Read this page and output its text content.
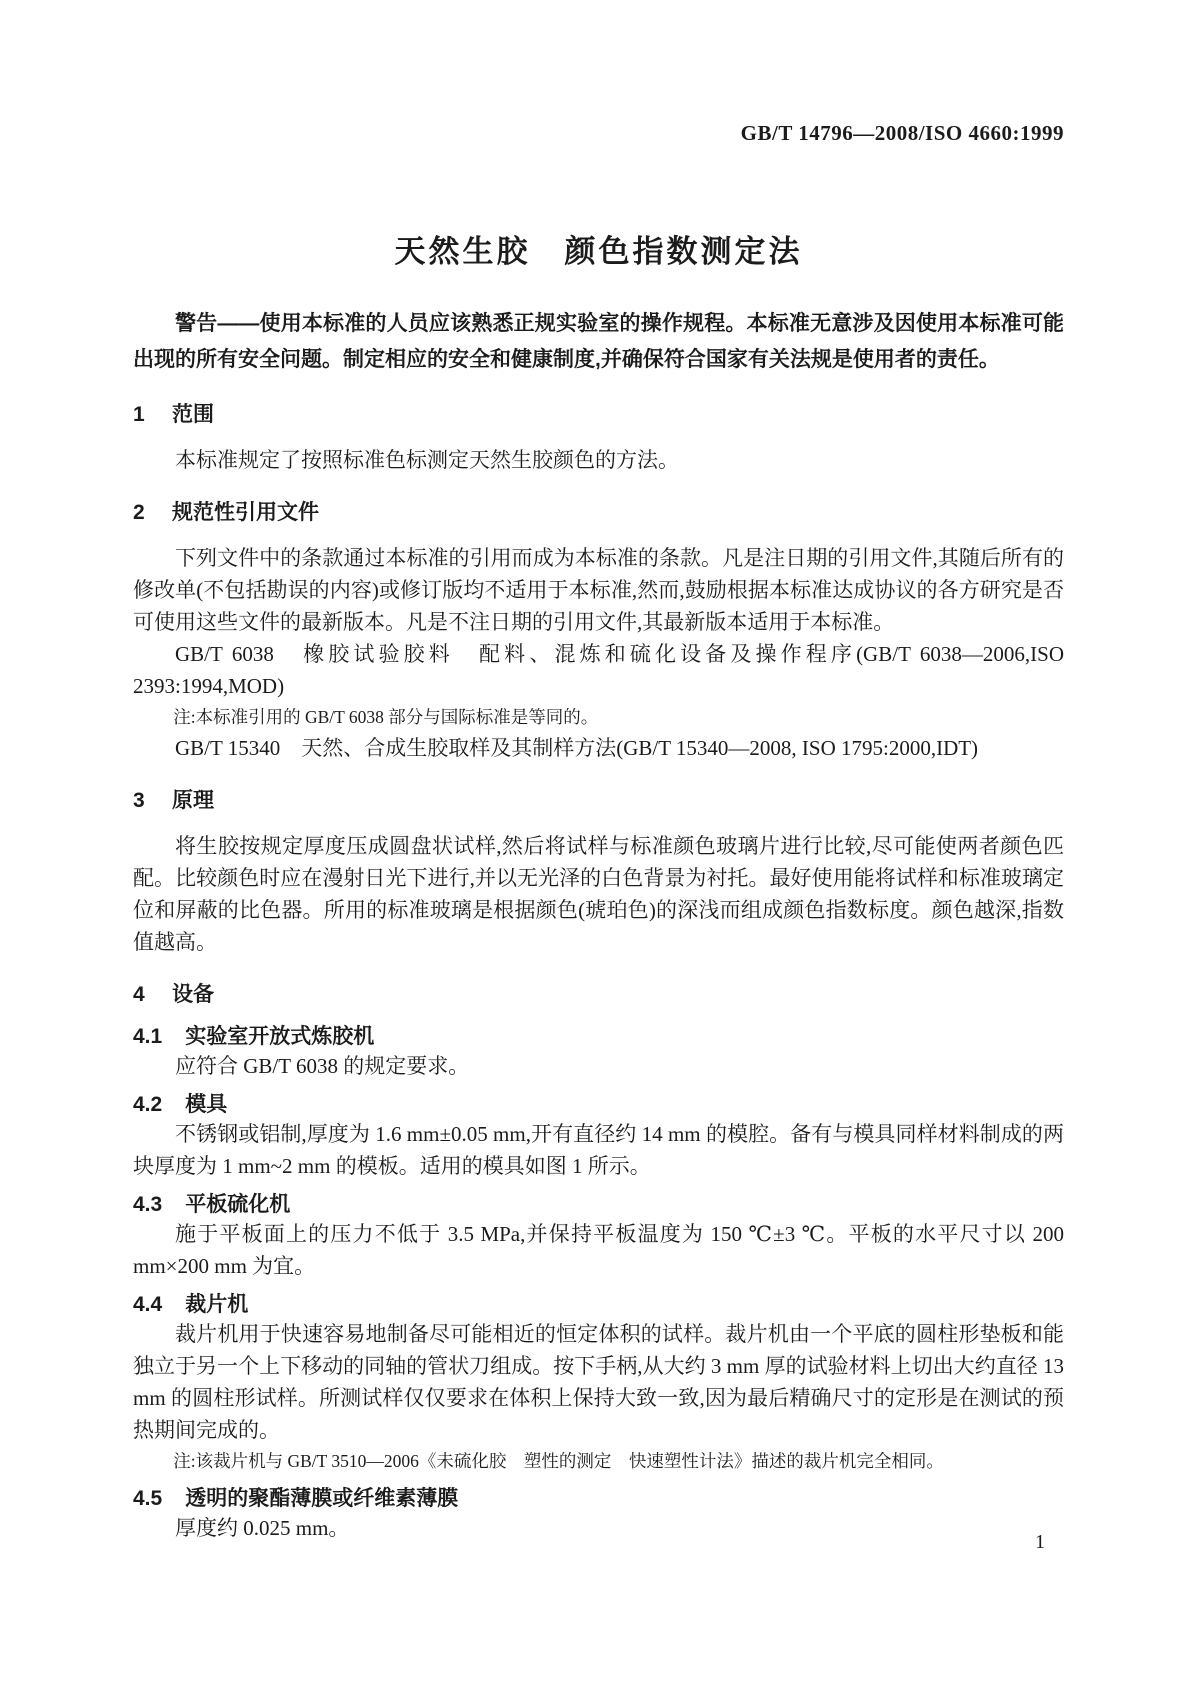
GB/T 14796—2008/ISO 4660:1999
天然生胶　颜色指数测定法

警告——使用本标准的人员应该熟悉正规实验室的操作规程。本标准无意涉及因使用本标准可能出现的所有安全问题。制定相应的安全和健康制度,并确保符合国家有关法规是使用者的责任。

1 范围

本标准规定了按照标准色标测定天然生胶颜色的方法。

2 规范性引用文件

下列文件中的条款通过本标准的引用而成为本标准的条款。凡是注日期的引用文件,其随后所有的修改单(不包括勘误的内容)或修订版均不适用于本标准,然而,鼓励根据本标准达成协议的各方研究是否可使用这些文件的最新版本。凡是不注日期的引用文件,其最新版本适用于本标准。

GB/T 6038　橡胶试验胶料　配料、混炼和硫化设备及操作程序(GB/T 6038—2006,ISO 2393:1994,MOD)

注:本标准引用的 GB/T 6038 部分与国际标准是等同的。

GB/T 15340　天然、合成生胶取样及其制样方法(GB/T 15340—2008, ISO 1795:2000,IDT)

3 原理

将生胶按规定厚度压成圆盘状试样,然后将试样与标准颜色玻璃片进行比较,尽可能使两者颜色匹配。比较颜色时应在漫射日光下进行,并以无光泽的白色背景为衬托。最好使用能将试样和标准玻璃定位和屏蔽的比色器。所用的标准玻璃是根据颜色(琥珀色)的深浅而组成颜色指数标度。颜色越深,指数值越高。

4 设备
4.1 实验室开放式炼胶机

应符合 GB/T 6038 的规定要求。

4.2 模具

不锈钢或铝制,厚度为 1.6 mm±0.05 mm,开有直径约 14 mm 的模腔。备有与模具同样材料制成的两块厚度为 1 mm~2 mm 的模板。适用的模具如图 1 所示。

4.3 平板硫化机

施于平板面上的压力不低于 3.5 MPa,并保持平板温度为 150 ℃±3 ℃。平板的水平尺寸以 200 mm×200 mm 为宜。

4.4 裁片机

裁片机用于快速容易地制备尽可能相近的恒定体积的试样。裁片机由一个平底的圆柱形垫板和能独立于另一个上下移动的同轴的管状刀组成。按下手柄,从大约 3 mm 厚的试验材料上切出大约直径 13 mm 的圆柱形试样。所测试样仅仅要求在体积上保持大致一致,因为最后精确尺寸的定形是在测试的预热期间完成的。

注:该裁片机与 GB/T 3510—2006《未硫化胶　塑性的测定　快速塑性计法》描述的裁片机完全相同。

4.5 透明的聚酯薄膜或纤维素薄膜

厚度约 0.025 mm。

1
